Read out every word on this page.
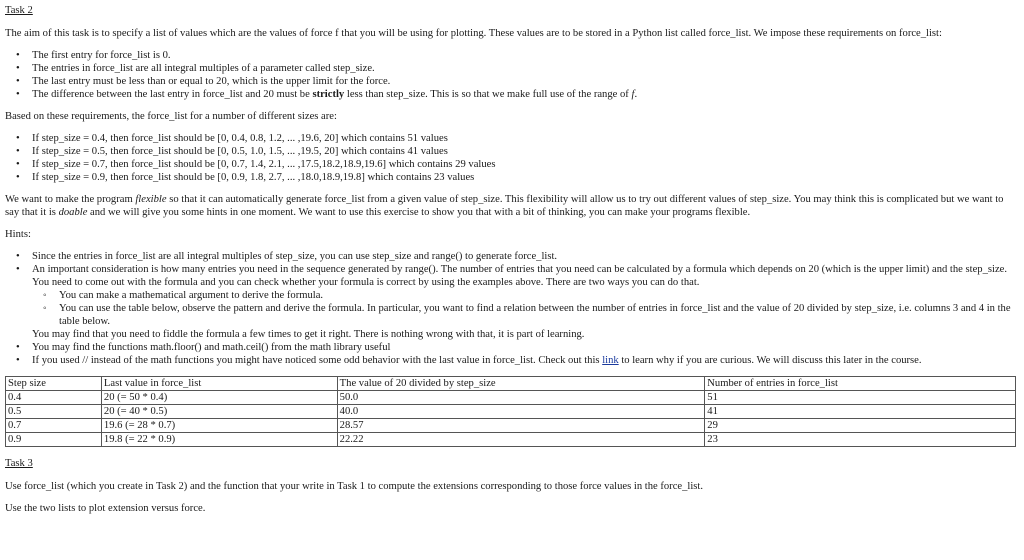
Task 2

The aim of this task is to specify a list of values which are the values of force f that you will be using for plotting. These values are to be stored in a Python list called force_list. We impose these requirements on force_list:

• The first entry for force_list is 0.
• The entries in force_list are all integral multiples of a parameter called step_size.
• The last entry must be less than or equal to 20, which is the upper limit for the force.
• The difference between the last entry in force_list and 20 must be strictly less than step_size. This is so that we make full use of the range of f.

Based on these requirements, the force_list for a number of different sizes are:

• If step_size = 0.4, then force_list should be [0, 0.4, 0.8, 1.2, ... ,19.6, 20] which contains 51 values
• If step_size = 0.5, then force_list should be [0, 0.5, 1.0, 1.5, ... ,19.5, 20] which contains 41 values
• If step_size = 0.7, then force_list should be [0, 0.7, 1.4, 2.1, ... ,17.5,18.2,18.9,19.6] which contains 29 values
• If step_size = 0.9, then force_list should be [0, 0.9, 1.8, 2.7, ... ,18.0,18.9,19.8] which contains 23 values

We want to make the program flexible so that it can automatically generate force_list from a given value of step_size. This flexibility will allow us to try out different values of step_size. You may think this is complicated but we want to say that it is doable and we will give you some hints in one moment. We want to use this exercise to show you that with a bit of thinking, you can make your programs flexible.

Hints:

• Since the entries in force_list are all integral multiples of step_size, you can use step_size and range() to generate force_list.
• An important consideration is how many entries you need in the sequence generated by range(). The number of entries that you need can be calculated by a formula which depends on 20 (which is the upper limit) and the step_size. You need to come out with the formula and you can check whether your formula is correct by using the examples above. There are two ways you can do that.
◦ You can make a mathematical argument to derive the formula.
◦ You can use the table below, observe the pattern and derive the formula. In particular, you want to find a relation between the number of entries in force_list and the value of 20 divided by step_size, i.e. columns 3 and 4 in the table below.
You may find that you need to fiddle the formula a few times to get it right. There is nothing wrong with that, it is part of learning.
• You may find the functions math.floor() and math.ceil() from the math library useful
• If you used // instead of the math functions you might have noticed some odd behavior with the last value in force_list. Check out this link to learn why if you are curious. We will discuss this later in the course.
Step size	Last value in force_list	The value of 20 divided by step_size	Number of entries in force_list
0.4	20 (= 50 * 0.4)	50.0	51
0.5	20 (= 40 * 0.5)	40.0	41
0.7	19.6 (= 28 * 0.7)	28.57	29
0.9	19.8 (= 22 * 0.9)	22.22	23
Task 3

Use force_list (which you create in Task 2) and the function that your write in Task 1 to compute the extensions corresponding to those force values in the force_list.

Use the two lists to plot extension versus force.
